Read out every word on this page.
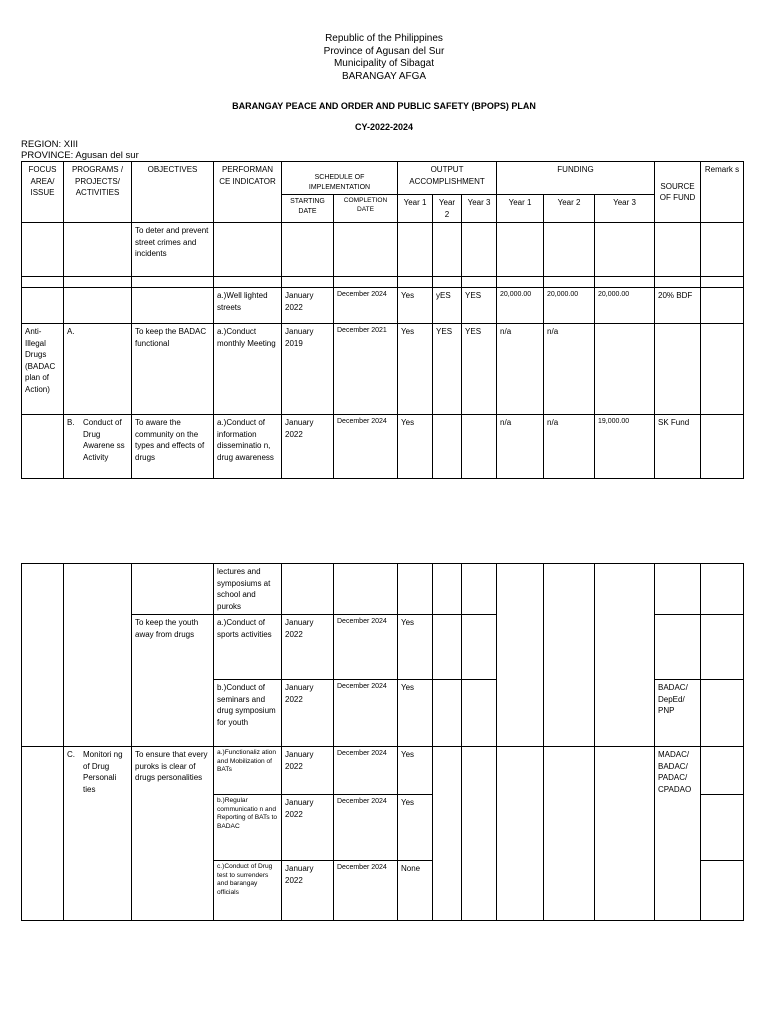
Republic of the Philippines
Province of Agusan del Sur
Municipality of Sibagat
BARANGAY AFGA
BARANGAY PEACE AND ORDER AND PUBLIC SAFETY (BPOPS) PLAN
CY-2022-2024
REGION: XIII
PROVINCE: Agusan del sur
FOCUS AREA/ ISSUE	PROGRAMS / PROJECTS/ ACTIVITIES	OBJECTIVES	PERFORMAN CE INDICATOR	SCHEDULE OF IMPLEMENTATION		OUTPUT ACCOMPLISHMENT			FUNDING			SOURCE OF FUND	Remark s
				STARTING DATE	COMPLETION DATE	Year 1	Year 2	Year 3	Year 1	Year 2	Year 3		
		To deter and prevent street crimes and incidents											

			a.)Well lighted streets	January 2022	December 2024	Yes	yES	YES	20,000.00	20,000.00	20,000.00	20% BDF	
Anti-Illegal Drugs (BADAC plan of Action)	A.	To keep the BADAC functional	a.)Conduct monthly Meeting	January 2019	December 2021	Yes	YES	YES	n/a	n/a			

	B. Conduct of Drug Awarene ss Activity	To aware the community on the types and effects of drugs	a.)Conduct of information disseminatio n, drug awareness	January 2022	December 2024	Yes			n/a	n/a	19,000.00	SK Fund	
			lectures and symposiums at school and puroks										
		To keep the youth away from drugs	a.)Conduct of sports activities	January 2022	December 2024	Yes							
			b.)Conduct of seminars and drug symposium for youth	January 2022	December 2024	Yes						BADAC/ DepEd/ PNP	

	C. Monitori ng of Drug Personali ties	To ensure that every puroks is clear of drugs personalities	a.)Functionaliz ation and Mobilization of BATs	January 2022	December 2024	Yes						MADAC/ BADAC/ PADAC/ CPADAO	
			b.)Regular communicatio n and Reporting of BATs to BADAC	January 2022	December 2024	Yes							
			c.)Conduct of Drug test to surrenders and barangay officials	January 2022	December 2024	None							
